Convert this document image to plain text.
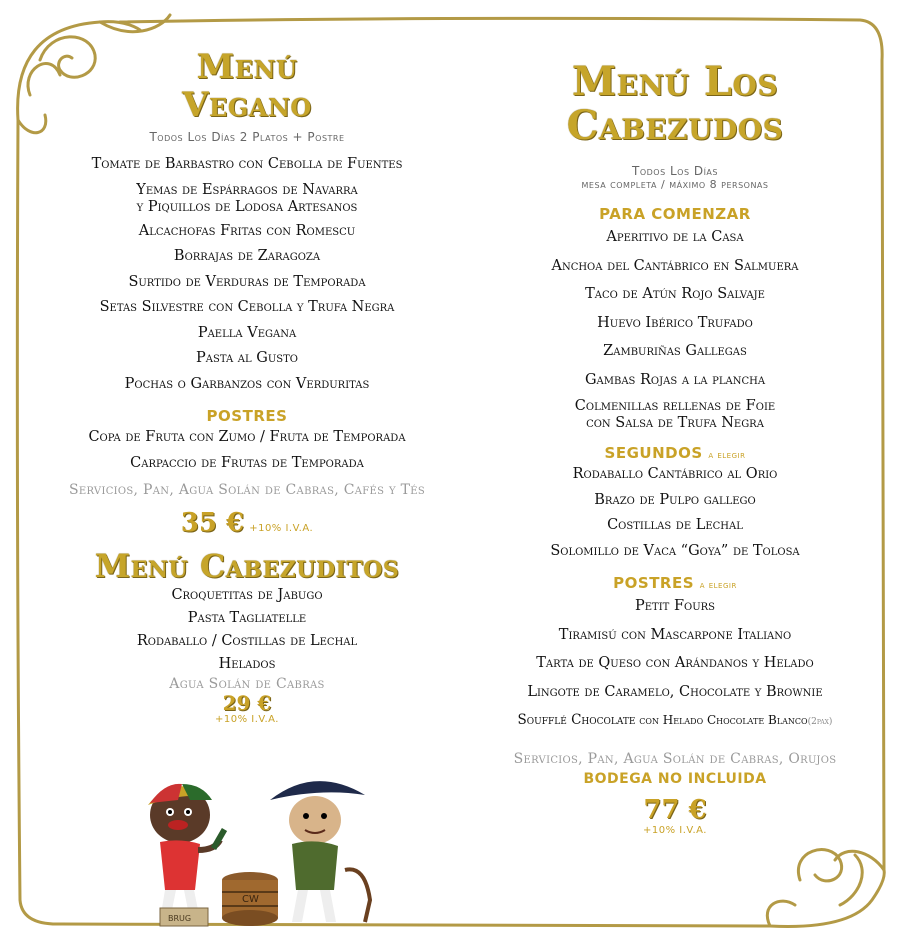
Menú
Vegano
Todos Los Días 2 Platos + Postre
Tomate de Barbastro con Cebolla de Fuentes
Yemas de Espárragos de Navarra
y Piquillos de Lodosa Artesanos
Alcachofas Fritas con Romescu
Borrajas de Zaragoza
Surtido de Verduras de Temporada
Setas Silvestre con Cebolla y Trufa Negra
Paella Vegana
Pasta al Gusto
Pochas o Garbanzos con Verduritas
POSTRES
Copa de Fruta con Zumo / Fruta de Temporada
Carpaccio de Frutas de Temporada
Servicios, Pan, Agua Solán de Cabras, Cafés y Tés
35 € +10% I.V.A.
Menú Cabezuditos
Croquetitas de Jabugo
Pasta Tagliatelle
Rodaballo / Costillas de Lechal
Helados
Agua Solán de Cabras
29 €
+10% I.V.A.
CW
BRUG
Menú Los Cabezudos
Todos Los Días
mesa completa / máximo 8 personas
PARA COMENZAR
Aperitivo de la Casa
Anchoa del Cantábrico en Salmuera
Taco de Atún Rojo Salvaje
Huevo Ibérico Trufado
Zamburiñas Gallegas
Gambas Rojas a la plancha
Colmenillas rellenas de Foie
con Salsa de Trufa Negra
SEGUNDOS a elegir
Rodaballo Cantábrico al Orio
Brazo de Pulpo gallego
Costillas de Lechal
Solomillo de Vaca “Goya” de Tolosa
POSTRES a elegir
Petit Fours
Tiramisú con Mascarpone Italiano
Tarta de Queso con Arándanos y Helado
Lingote de Caramelo, Chocolate y Brownie
Soufflé Chocolate con Helado Chocolate Blanco(2pax)
Servicios, Pan, Agua Solán de Cabras, Orujos
BODEGA NO INCLUIDA
77 €
+10% I.V.A.
